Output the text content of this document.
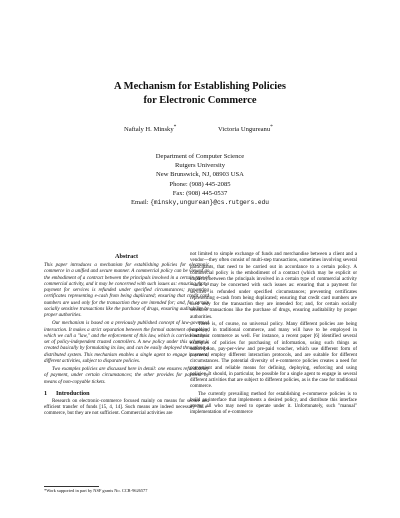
A Mechanism for Establishing Policies
for Electronic Commerce
Naftaly H. Minsky*	Victoria Ungureanu*
Department of Computer Science
Rutgers University
New Brunswick, NJ, 08903 USA
Phone: (908) 445-2085
Fax: (908) 445-0537
Email: {minsky,ungurean}@cs.rutgers.edu
Abstract

This paper introduces a mechanism for establishing policies for electronic commerce in a unified and secure manner. A commercial policy can be viewed as the embodiment of a contract between the principals involved in a certain type of commercial activity, and it may be concerned with such issues as: ensuring that a payment for services is refunded under specified circumstances; preventing certificates representing e-cash from being duplicated; ensuring that credit card numbers are used only for the transaction they are intended for; and, for certain socially sensitive transactions like the purchase of drugs, ensuring auditability by proper authorities.

Our mechanism is based on a previously published concept of law-governed interaction. It makes a strict separation between the formal statement of a policy, which we call a "law," and the enforcement of this law, which is carried out by a set of policy-independent trusted controllers. A new policy under this scheme is created basically by formulating its law, and can be easily deployed throughout a distributed system. This mechanism enables a single agent to engage in several different activities, subject to disparate policies.

Two examples policies are discussed here in detail: one ensures refundability of payment, under certain circumstances; the other provides for payment by means of non-copyable tickets.

1 Introduction

Research on electronic-commerce focused mainly on means for secure and efficient transfer of funds [15, 4, 14]. Such means are indeed necessary for e-commerce, but they are not sufficient. Commercial activities are

not limited to simple exchange of funds and merchandise between a client and a vendor—they often consist of multi-step transactions, sometimes involving several participants, that need to be carried out in accordance to a certain policy. A commercial policy is the embodiment of a contract (which may be explicit or implicit) between the principals involved in a certain type of commercial activity—and it may be concerned with such issues as: ensuring that a payment for services is refunded under specified circumstances; preventing certificates representing e-cash from being duplicated; ensuring that credit card numbers are used only for the transaction they are intended for; and, for certain socially sensitive transactions like the purchase of drugs, ensuring auditability by proper authorities.

There is, of course, no universal policy. Many different policies are being employed in traditional commerce, and many will have to be employed in electronic commerce as well. For instance, a recent paper [6] identified several examples of policies for purchasing of information, using such things as subscription, pay-per-view and pre-paid voucher, which use different form of payment, employ different interaction protocols, and are suitable for different circumstances. The potential diversity of e-commerce policies creates a need for convenient and reliable means for defining, deploying, enforcing and using policies. It should, in particular, be possible for a single agent to engage in several different activities that are subject to different policies, as is the case for traditional commerce.

The currently prevailing method for establishing e-commerce policies is to build an interface that implements a desired policy, and distribute this interface among all who may need to operate under it. Unfortunately, such "manual" implementation of e-commerce

*Work supported in part by NSF grants No. CCR-9626577
